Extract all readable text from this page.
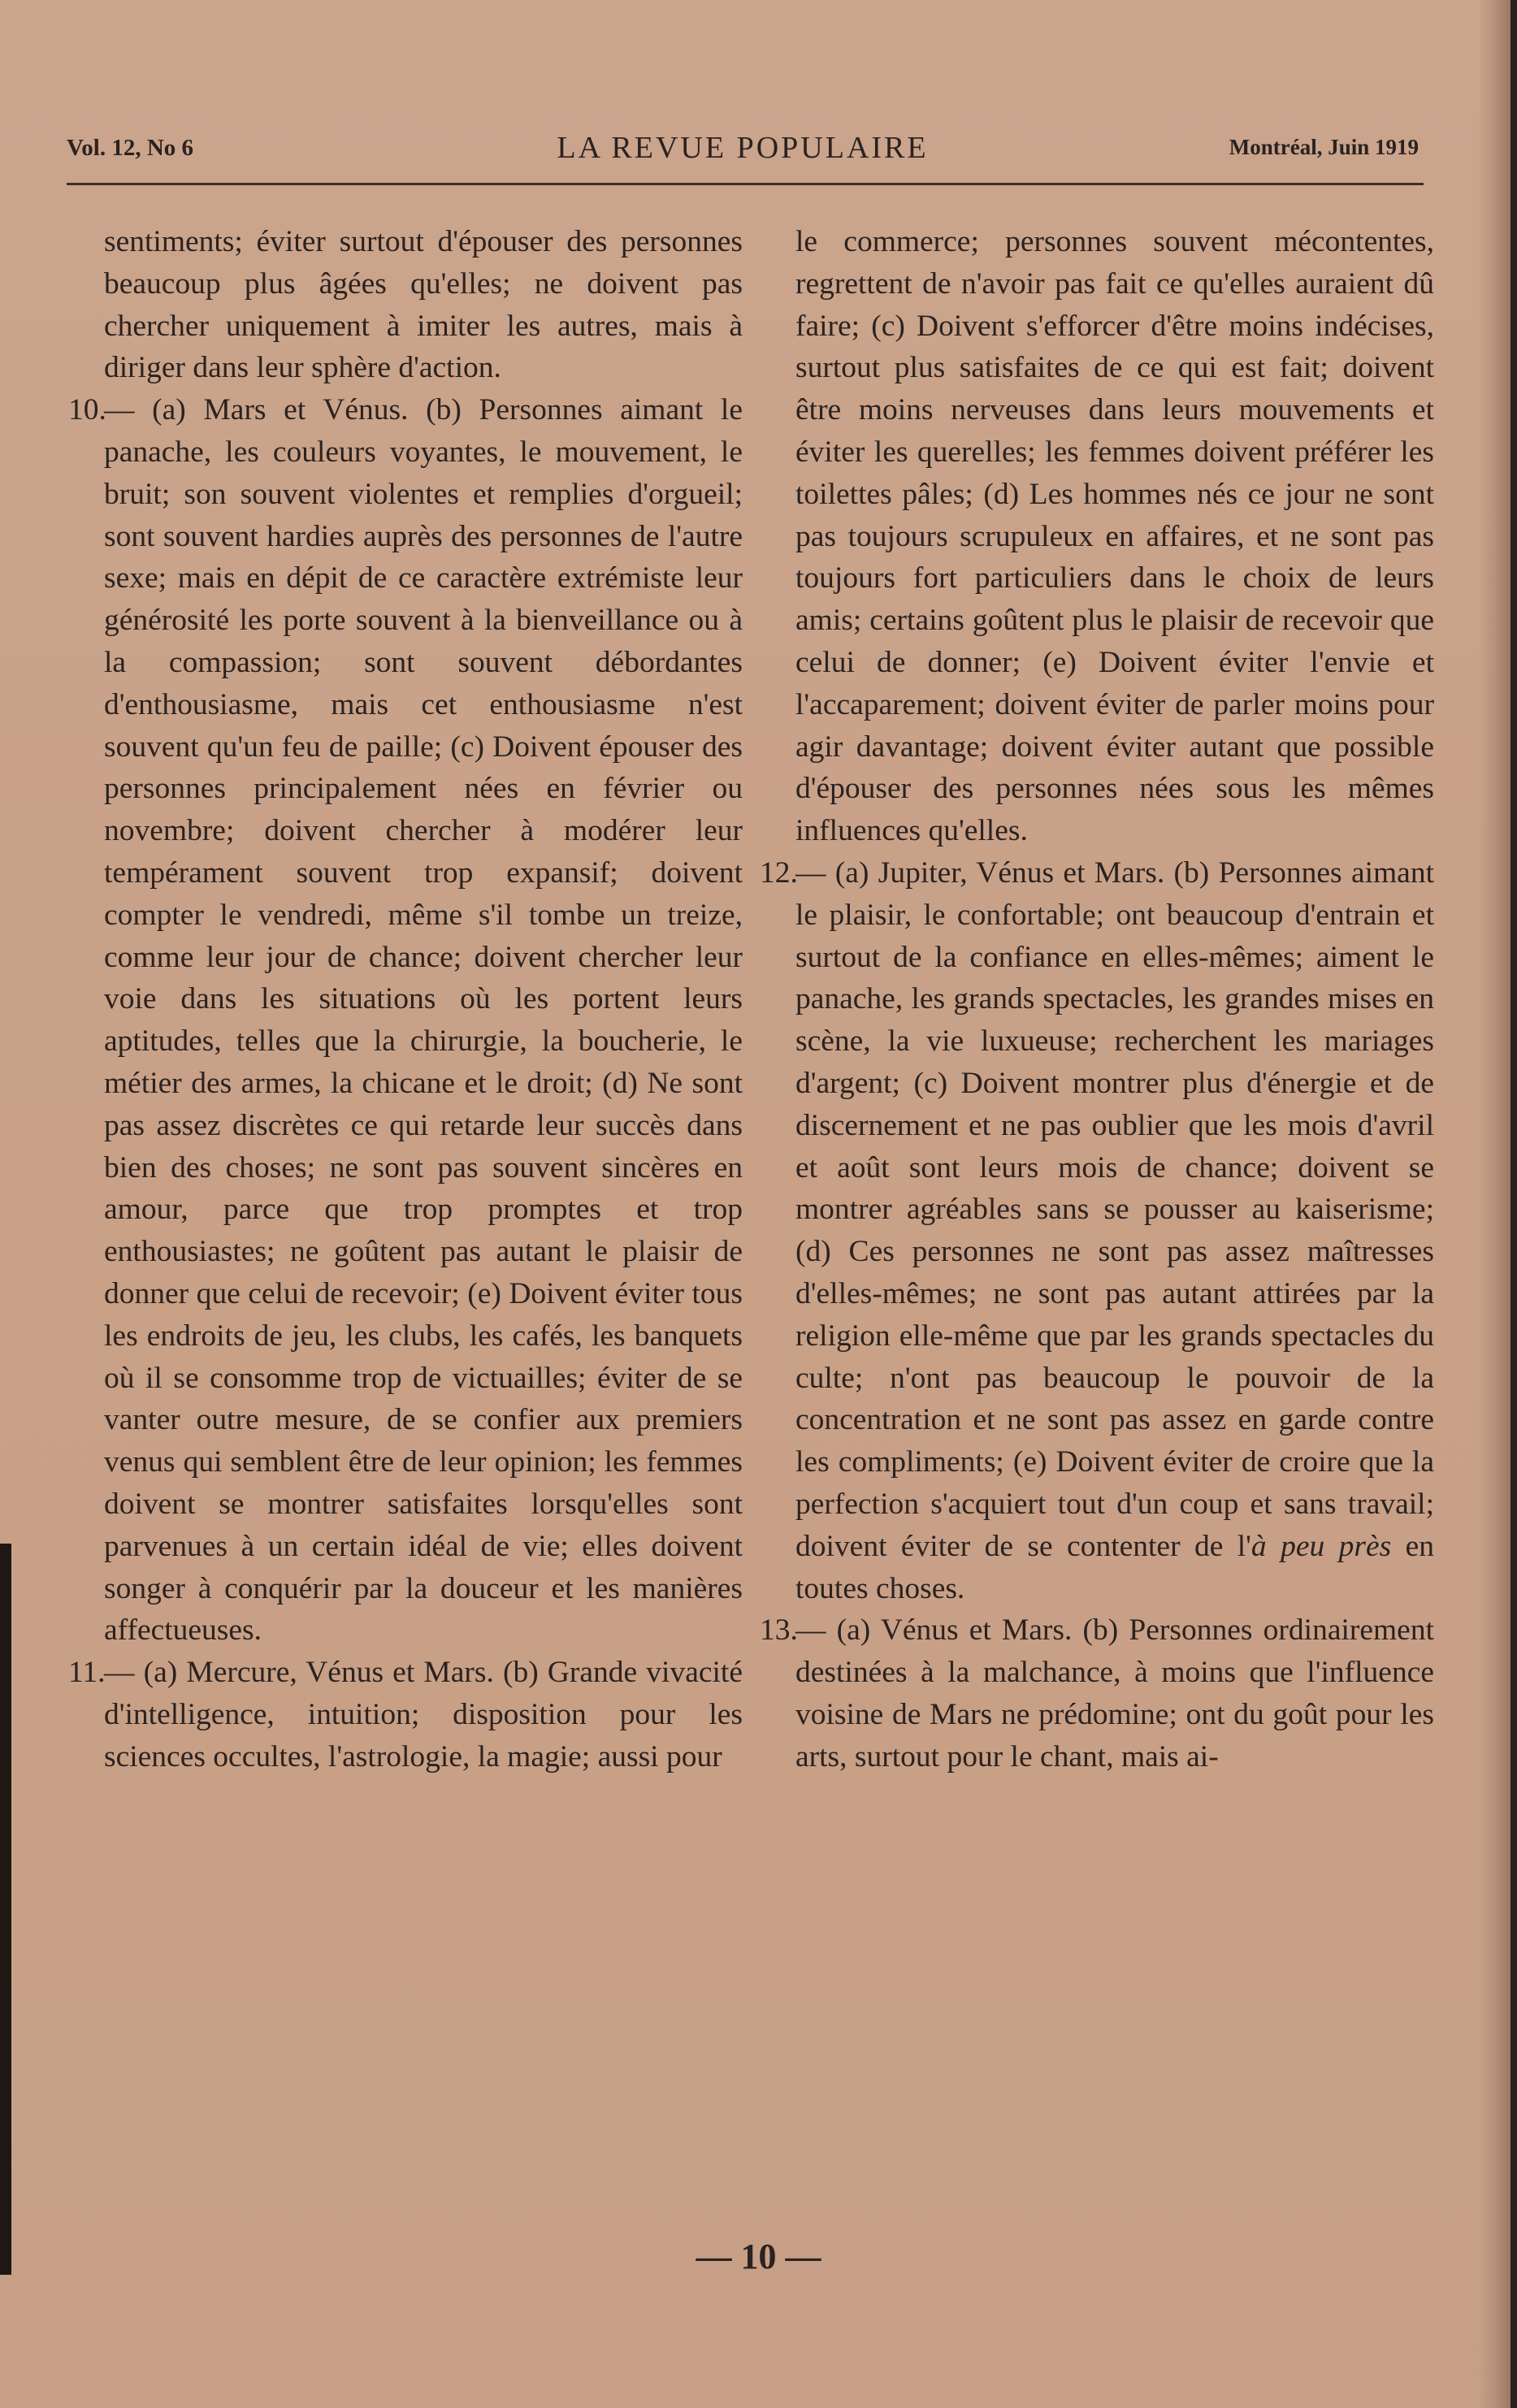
Vol. 12, No 6	LA REVUE POPULAIRE	Montréal, Juin 1919

sentiments; éviter surtout d'épouser des personnes beaucoup plus âgées qu'elles; ne doivent pas chercher uniquement à imiter les autres, mais à diriger dans leur sphère d'action.

10.— (a) Mars et Vénus. (b) Personnes aimant le panache, les couleurs voyantes, le mouvement, le bruit; son souvent violentes et remplies d'orgueil; sont souvent hardies auprès des personnes de l'autre sexe; mais en dépit de ce caractère extrémiste leur générosité les porte souvent à la bienveillance ou à la compassion; sont souvent débordantes d'enthousiasme, mais cet enthousiasme n'est souvent qu'un feu de paille; (c) Doivent épouser des personnes principalement nées en février ou novembre; doivent chercher à modérer leur tempérament souvent trop expansif; doivent compter le vendredi, même s'il tombe un treize, comme leur jour de chance; doivent chercher leur voie dans les situations où les portent leurs aptitudes, telles que la chirurgie, la boucherie, le métier des armes, la chicane et le droit; (d) Ne sont pas assez discrètes ce qui retarde leur succès dans bien des choses; ne sont pas souvent sincères en amour, parce que trop promptes et trop enthousiastes; ne goûtent pas autant le plaisir de donner que celui de recevoir; (e) Doivent éviter tous les endroits de jeu, les clubs, les cafés, les banquets où il se consomme trop de victuailles; éviter de se vanter outre mesure, de se confier aux premiers venus qui semblent être de leur opinion; les femmes doivent se montrer satisfaites lorsqu'elles sont parvenues à un certain idéal de vie; elles doivent songer à conquérir par la douceur et les manières affectueuses.

11.— (a) Mercure, Vénus et Mars. (b) Grande vivacité d'intelligence, intuition; disposition pour les sciences occultes, l'astrologie, la magie; aussi pour

le commerce; personnes souvent mécontentes, regrettent de n'avoir pas fait ce qu'elles auraient dû faire; (c) Doivent s'efforcer d'être moins indécises, surtout plus satisfaites de ce qui est fait; doivent être moins nerveuses dans leurs mouvements et éviter les querelles; les femmes doivent préférer les toilettes pâles; (d) Les hommes nés ce jour ne sont pas toujours scrupuleux en affaires, et ne sont pas toujours fort particuliers dans le choix de leurs amis; certains goûtent plus le plaisir de recevoir que celui de donner; (e) Doivent éviter l'envie et l'accaparement; doivent éviter de parler moins pour agir davantage; doivent éviter autant que possible d'épouser des personnes nées sous les mêmes influences qu'elles.

12.— (a) Jupiter, Vénus et Mars. (b) Personnes aimant le plaisir, le confortable; ont beaucoup d'entrain et surtout de la confiance en elles-mêmes; aiment le panache, les grands spectacles, les grandes mises en scène, la vie luxueuse; recherchent les mariages d'argent; (c) Doivent montrer plus d'énergie et de discernement et ne pas oublier que les mois d'avril et août sont leurs mois de chance; doivent se montrer agréables sans se pousser au kaiserisme; (d) Ces personnes ne sont pas assez maîtresses d'elles-mêmes; ne sont pas autant attirées par la religion elle-même que par les grands spectacles du culte; n'ont pas beaucoup le pouvoir de la concentration et ne sont pas assez en garde contre les compliments; (e) Doivent éviter de croire que la perfection s'acquiert tout d'un coup et sans travail; doivent éviter de se contenter de l'à peu près en toutes choses.

13.— (a) Vénus et Mars. (b) Personnes ordinairement destinées à la malchance, à moins que l'influence voisine de Mars ne prédomine; ont du goût pour les arts, surtout pour le chant, mais ai-

— 10 —
